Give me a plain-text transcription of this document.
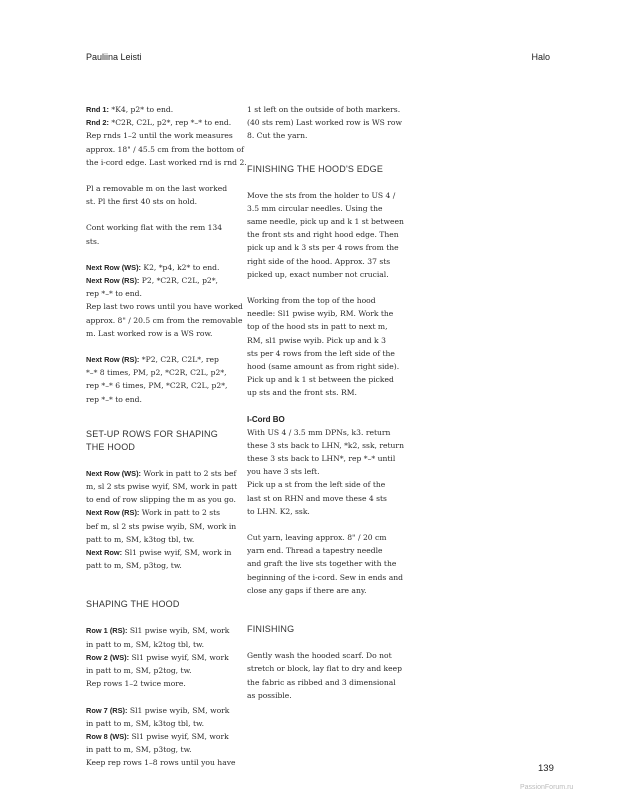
Pauliina Leisti	Halo

Rnd 1: *K4, p2* to end.

Rnd 2: *C2R, C2L, p2*, rep *–* to end.
Rep rnds 1–2 until the work measures
approx. 18" / 45.5 cm from the bottom of
the i-cord edge. Last worked rnd is rnd 2.

Pl a removable m on the last worked
st. Pl the first 40 sts on hold.

Cont working flat with the rem 134 sts.

Next Row (WS): K2, *p4, k2* to end.

Next Row (RS): P2, *C2R, C2L, p2*,
rep *–* to end.
Rep last two rows until you have worked
approx. 8" / 20.5 cm from the removable
m. Last worked row is a WS row.

Next Row (RS): *P2, C2R, C2L*, rep
*–* 8 times, PM, p2, *C2R, C2L, p2*,
rep *–* 6 times, PM, *C2R, C2L, p2*,
rep *–* to end.

SET-UP ROWS FOR SHAPING
THE HOOD

Next Row (WS): Work in patt to 2 sts bef
m, sl 2 sts pwise wyif, SM, work in patt
to end of row slipping the m as you go.

Next Row (RS): Work in patt to 2 sts
bef m, sl 2 sts pwise wyib, SM, work in
patt to m, SM, k3tog tbl, tw.

Next Row: Sl1 pwise wyif, SM, work in
patt to m, SM, p3tog, tw.

SHAPING THE HOOD

Row 1 (RS): Sl1 pwise wyib, SM, work
in patt to m, SM, k2tog tbl, tw.

Row 2 (WS): Sl1 pwise wyif, SM, work
in patt to m, SM, p2tog, tw.
Rep rows 1–2 twice more.

Row 7 (RS): Sl1 pwise wyib, SM, work
in patt to m, SM, k3tog tbl, tw.

Row 8 (WS): Sl1 pwise wyif, SM, work
in patt to m, SM, p3tog, tw.
Keep rep rows 1–8 rows until you have

1 st left on the outside of both markers.
(40 sts rem) Last worked row is WS row
8. Cut the yarn.

FINISHING THE HOOD'S EDGE

Move the sts from the holder to US 4 /
3.5 mm circular needles. Using the
same needle, pick up and k 1 st between
the front sts and right hood edge. Then
pick up and k 3 sts per 4 rows from the
right side of the hood. Approx. 37 sts
picked up, exact number not crucial.

Working from the top of the hood
needle: Sl1 pwise wyib, RM. Work the
top of the hood sts in patt to next m,
RM, sl1 pwise wyib. Pick up and k 3
sts per 4 rows from the left side of the
hood (same amount as from right side).
Pick up and k 1 st between the picked
up sts and the front sts. RM.

I-Cord BO

With US 4 / 3.5 mm DPNs, k3. return
these 3 sts back to LHN, *k2, ssk, return
these 3 sts back to LHN*, rep *–* until
you have 3 sts left.
Pick up a st from the left side of the
last st on RHN and move these 4 sts
to LHN. K2, ssk.

Cut yarn, leaving approx. 8" / 20 cm
yarn end. Thread a tapestry needle
and graft the live sts together with the
beginning of the i-cord. Sew in ends and
close any gaps if there are any.

FINISHING

Gently wash the hooded scarf. Do not
stretch or block, lay flat to dry and keep
the fabric as ribbed and 3 dimensional
as possible.

139
PassionForum.ru
